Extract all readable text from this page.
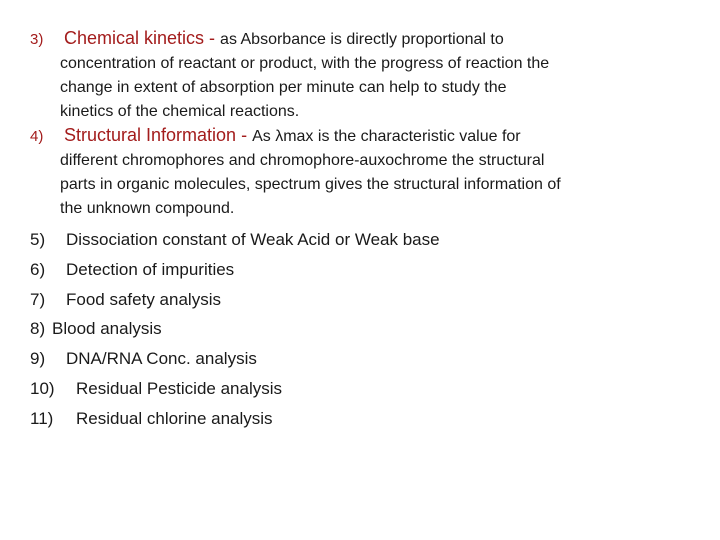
3) Chemical kinetics - as Absorbance is directly proportional to
concentration of reactant or product, with the progress of reaction the
change in extent of absorption per minute can help to study the
kinetics of the chemical reactions.
4) Structural Information - As λmax is the characteristic value for
different chromophores and chromophore-auxochrome the structural
parts in organic molecules, spectrum gives the structural information of
the unknown compound.
5) Dissociation constant of Weak Acid or Weak base
6) Detection of impurities
7) Food safety analysis
8) Blood analysis
9) DNA/RNA Conc. analysis
10) Residual Pesticide analysis
11) Residual chlorine analysis
